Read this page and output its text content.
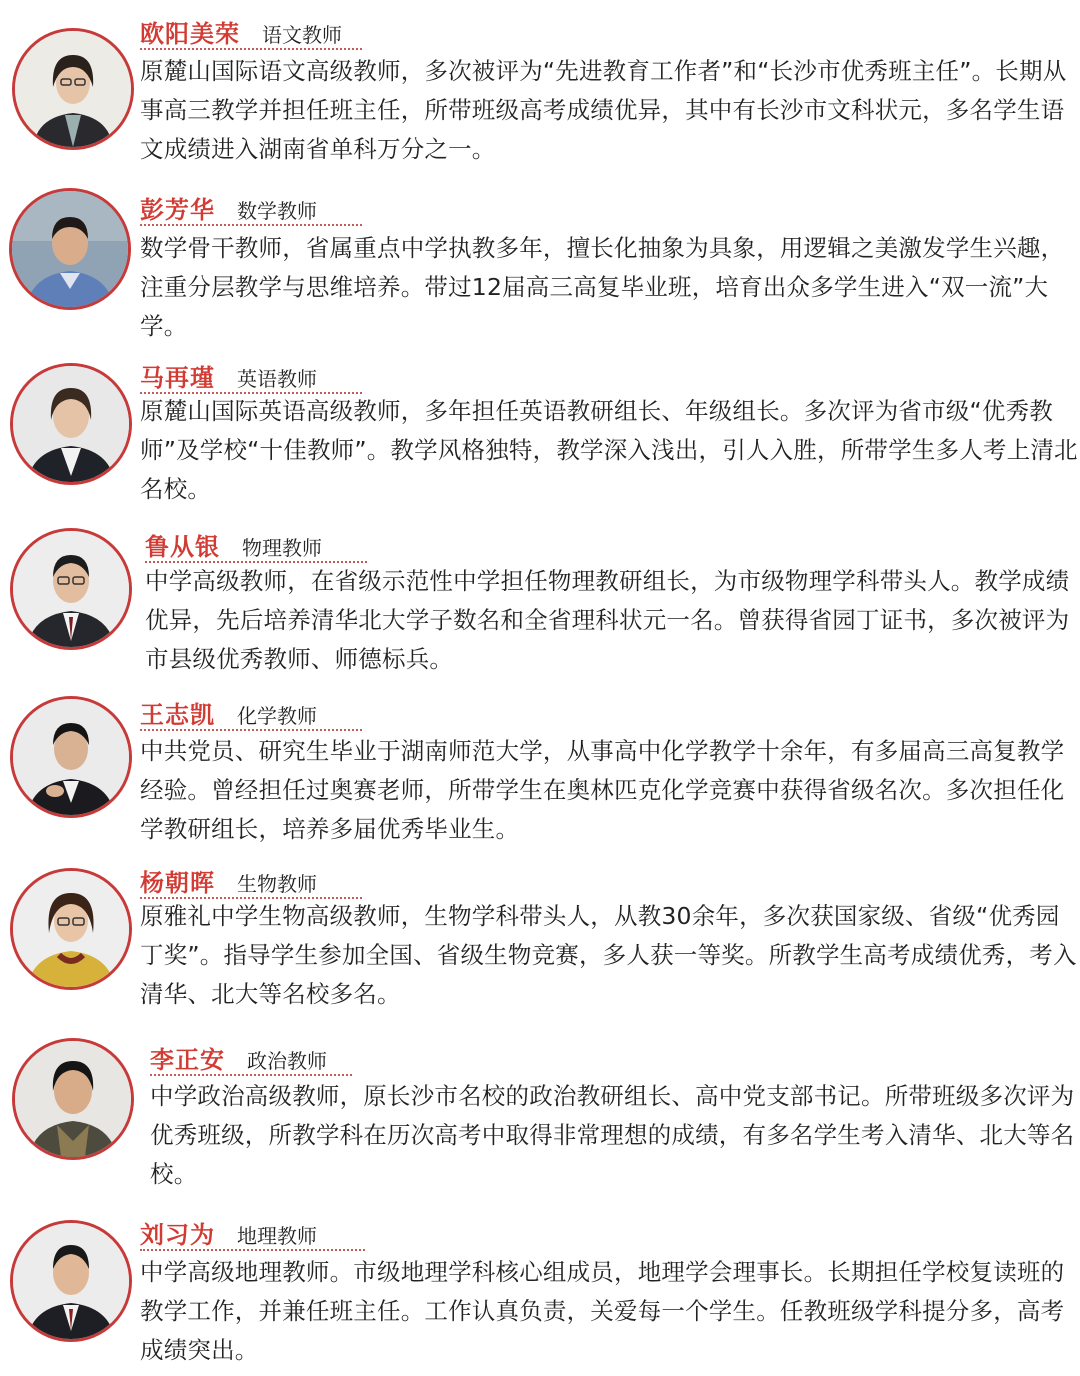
欧阳美荣 语文教师

原麓山国际语文高级教师，多次被评为“先进教育工作者”和“长沙市优秀班主任”。长期从事高三教学并担任班主任，所带班级高考成绩优异，其中有长沙市文科状元，多名学生语文成绩进入湖南省单科万分之一。

彭芳华 数学教师

数学骨干教师，省属重点中学执教多年，擅长化抽象为具象，用逻辑之美激发学生兴趣，注重分层教学与思维培养。带过12届高三高复毕业班，培育出众多学生进入“双一流”大学。

马再瑾 英语教师

原麓山国际英语高级教师，多年担任英语教研组长、年级组长。多次评为省市级“优秀教师”及学校“十佳教师”。教学风格独特，教学深入浅出，引人入胜，所带学生多人考上清北名校。

鲁从银 物理教师

中学高级教师，在省级示范性中学担任物理教研组长，为市级物理学科带头人。教学成绩优异，先后培养清华北大学子数名和全省理科状元一名。曾获得省园丁证书，多次被评为市县级优秀教师、师德标兵。

王志凯 化学教师

中共党员、研究生毕业于湖南师范大学，从事高中化学教学十余年，有多届高三高复教学经验。曾经担任过奥赛老师，所带学生在奥林匹克化学竞赛中获得省级名次。多次担任化学教研组长，培养多届优秀毕业生。

杨朝晖 生物教师

原雅礼中学生物高级教师，生物学科带头人，从教30余年，多次获国家级、省级“优秀园丁奖”。指导学生参加全国、省级生物竞赛，多人获一等奖。所教学生高考成绩优秀，考入清华、北大等名校多名。

李正安 政治教师

中学政治高级教师，原长沙市名校的政治教研组长、高中党支部书记。所带班级多次评为优秀班级，所教学科在历次高考中取得非常理想的成绩，有多名学生考入清华、北大等名校。

刘习为 地理教师

中学高级地理教师。市级地理学科核心组成员，地理学会理事长。长期担任学校复读班的教学工作，并兼任班主任。工作认真负责，关爱每一个学生。任教班级学科提分多，高考成绩突出。
